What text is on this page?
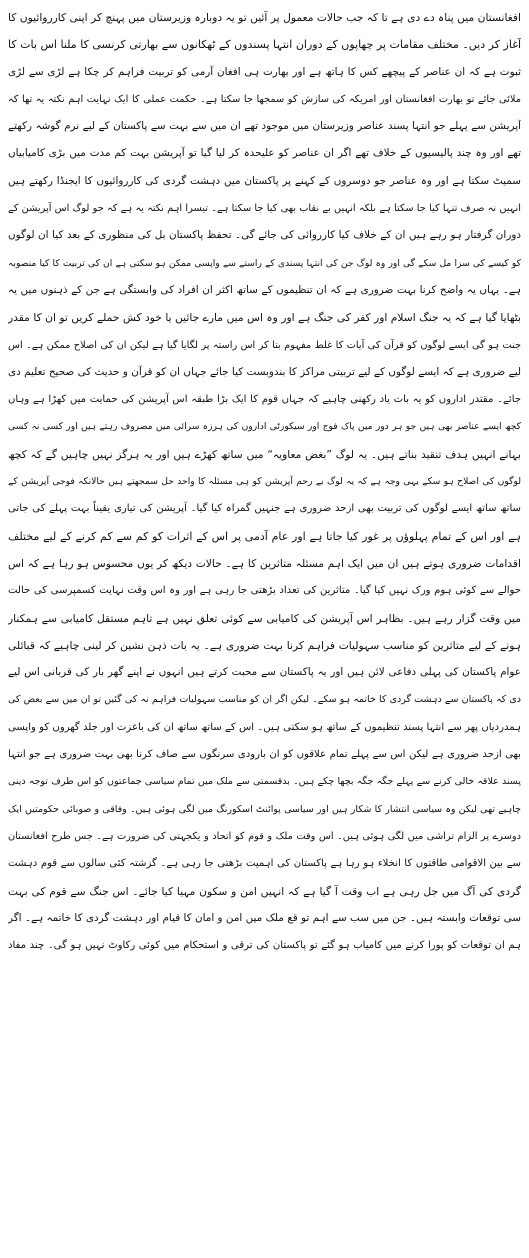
افغانستان میں پناہ دے دی ہے تا کہ جب حالات معمول پر آئیں تو یہ دوبارہ وزیرستان میں پہنچ کر اپنی کارروائیوں کا
آغاز کر دیں۔ مختلف مقامات پر چھاپوں کے دوران انتہا پسندوں کے ٹھکانوں سے بھارتی کرنسی کا ملنا اس بات کا
ثبوت ہے کہ ان عناصر کے پیچھے کس کا ہاتھ ہے اور بھارت ہی افغان آرمی کو تربیت فراہم کر چکا ہے لڑی سے لڑی
ملائی جائے تو بھارت افغانستان اور امریکہ کی سازش کو سمجھا جا سکتا ہے۔ حکمت عملی کا ایک نہایت اہم نکتہ یہ تھا کہ
آپریشن سے پہلے جو انتہا پسند عناصر وزیرستان میں موجود تھے ان میں سے بہت سے پاکستان کے لیے نرم گوشہ رکھتے
تھے اور وہ چند پالیسیوں کے خلاف تھے اگر ان عناصر کو علیحدہ کر لیا گیا تو آپریشن بہت کم مدت میں بڑی کامیابیاں
سمیٹ سکتا ہے اور وہ عناصر جو دوسروں کے کہنے پر پاکستان میں دہشت گردی کی کارروائیوں کا ایجنڈا رکھتے ہیں
انہیں نہ صرف تنہا کیا جا سکتا ہے بلکہ انہیں بے نقاب بھی کیا جا سکتا ہے۔ تیسرا اہم نکتہ یہ ہے کہ جو لوگ اس آپریشن کے
دوران گرفتار ہو رہے ہیں ان کے خلاف کیا کارروائی کی جائے گی۔ تحفظ پاکستان بل کی منظوری کے بعد کیا ان لوگوں
کو کیسے کی سزا مل سکے گی اور وہ لوگ جن کی انتہا پسندی کے راستے سے واپسی ممکن ہو سکتی ہے ان کی تربیت کا کیا منصوبہ
ہے۔ یہاں یہ واضح کرنا بہت ضروری ہے کہ ان تنظیموں کے ساتھ اکثر ان افراد کی وابستگی ہے جن کے ذہنوں میں یہ
بٹھایا گیا ہے کہ یہ جنگ اسلام اور کفر کی جنگ ہے اور وہ اس میں مارے جائیں یا خود کش حملے کریں تو ان کا مقدر
جنت ہو گی ایسے لوگوں کو قرآن کی آیات کا غلط مفہوم بتا کر اس راستہ پر لگایا گیا ہے لیکن ان کی اصلاح ممکن ہے۔ اس
لیے ضروری ہے کہ ایسے لوگوں کے لیے تربیتی مراکز کا بندوبست کیا جائے جہاں ان کو قرآن و حدیث کی صحیح تعلیم دی
جائے۔ مقتدر اداروں کو یہ بات یاد رکھنی چاہیے کہ جہاں قوم کا ایک بڑا طبقہ اس آپریشن کی حمایت میں کھڑا ہے وہاں
کچھ ایسے عناصر بھی ہیں جو ہر دور میں پاک فوج اور سیکورٹی اداروں کی ہرزہ سرائی میں مصروف رہتے ہیں اور کسی نہ کسی
بہانے انہیں ہدف تنقید بناتے ہیں۔ یہ لوگ ”بغض معاویہ“ میں ساتھ کھڑے ہیں اور یہ ہرگز نہیں چاہیں گے کہ کچھ
لوگوں کی اصلاح ہو سکے یہی وجہ ہے کہ یہ لوگ بے رحم آپریشن کو ہی مسئلہ کا واحد حل سمجھتے ہیں حالانکہ فوجی آپریشن کے
ساتھ ساتھ ایسے لوگوں کی تربیت بھی ازحد ضروری ہے جنہیں گمراہ کیا گیا۔ آپریشن کی تیاری یقیناً بہت پہلے کی جاتی
ہے اور اس کے تمام پہلوؤں پر غور کیا جاتا ہے اور عام آدمی پر اس کے اثرات کو کم سے کم کرنے کے لیے مختلف
اقدامات ضروری ہوتے ہیں ان میں ایک اہم مسئلہ متاثرین کا ہے۔ حالات دیکھ کر یوں محسوس ہو رہا ہے کہ اس
حوالے سے کوئی ہوم ورک نہیں کیا گیا۔ متاثرین کی تعداد بڑھتی جا رہی ہے اور وہ اس وقت نہایت کسمپرسی کی حالت
میں وقت گزار رہے ہیں۔ بظاہر اس آپریشن کی کامیابی سے کوئی تعلق نہیں ہے تاہم مستقل کامیابی سے ہمکنار
ہونے کے لیے متاثرین کو مناسب سہولیات فراہم کرنا بہت ضروری ہے۔ یہ بات ذہن نشین کر لینی چاہیے کہ قبائلی
عوام پاکستان کی پہلی دفاعی لائن ہیں اور یہ پاکستان سے محبت کرتے ہیں انہوں نے اپنے گھر بار کی قربانی اس لیے
دی کہ پاکستان سے دہشت گردی کا خاتمہ ہو سکے۔ لیکن اگر ان کو مناسب سہولیات فراہم نہ کی گئیں تو ان میں سے بعض کی
ہمدردیاں پھر سے انتہا پسند تنظیموں کے ساتھ ہو سکتی ہیں۔ اس کے ساتھ ساتھ ان کی باعزت اور جلد گھروں کو واپسی
بھی ازحد ضروری ہے لیکن اس سے پہلے تمام علاقوں کو ان بارودی سرنگوں سے صاف کرنا بھی بہت ضروری ہے جو انتہا
پسند علاقہ خالی کرنے سے پہلے جگہ جگہ بچھا چکے ہیں۔ بدقسمتی سے ملک میں تمام سیاسی جماعتوں کو اس طرف توجہ دینی
چاہیے تھی لیکن وہ سیاسی انتشار کا شکار ہیں اور سیاسی پوائنٹ اسکورنگ میں لگی ہوئی ہیں۔ وفاقی و صوبائی حکومتیں ایک
دوسرے پر الزام تراشی میں لگی ہوئی ہیں۔ اس وقت ملک و قوم کو اتحاد و یکجہتی کی ضرورت ہے۔ جس طرح افغانستان
سے بین الاقوامی طاقتوں کا انخلاء ہو رہا ہے پاکستان کی اہمیت بڑھتی جا رہی ہے۔ گزشتہ کئی سالوں سے قوم دہشت
گردی کی آگ میں جل رہی ہے اب وقت آ گیا ہے کہ انہیں امن و سکون مہیا کیا جائے۔ اس جنگ سے قوم کی بہت
سی توقعات وابستہ ہیں۔ جن میں سب سے اہم تو قع ملک میں امن و امان کا قیام اور دہشت گردی کا خاتمہ ہے۔ اگر
ہم ان توقعات کو پورا کرنے میں کامیاب ہو گئے تو پاکستان کی ترقی و استحکام میں کوئی رکاوٹ نہیں ہو گی۔ چند مفاد
